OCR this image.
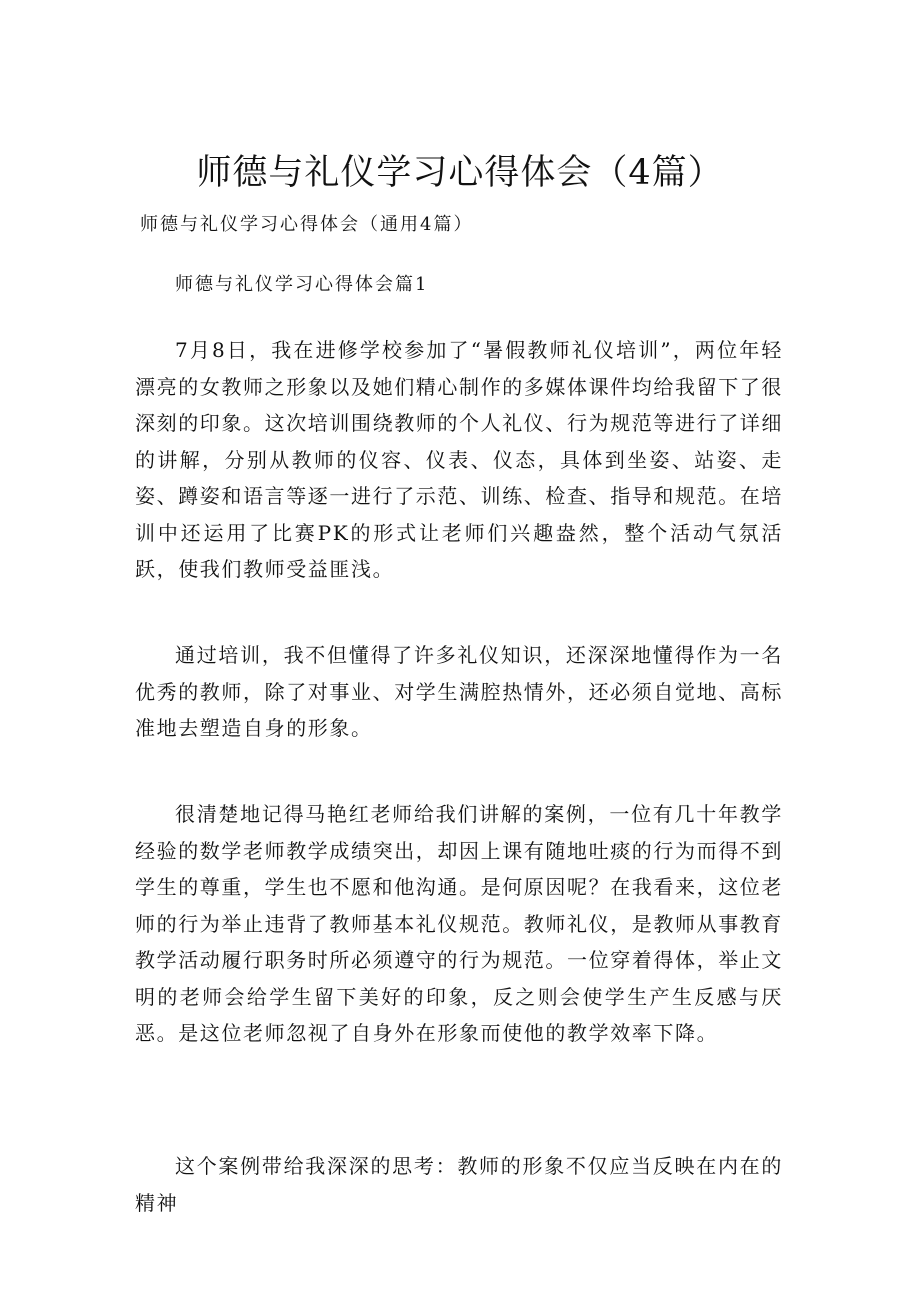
师德与礼仪学习心得体会（4篇）
师德与礼仪学习心得体会（通用4篇）
师德与礼仪学习心得体会篇1

7月8日，我在进修学校参加了“暑假教师礼仪培训”，两位年轻漂亮的女教师之形象以及她们精心制作的多媒体课件均给我留下了很深刻的印象。这次培训围绕教师的个人礼仪、行为规范等进行了详细的讲解，分别从教师的仪容、仪表、仪态，具体到坐姿、站姿、走姿、蹲姿和语言等逐一进行了示范、训练、检查、指导和规范。在培训中还运用了比赛PK的形式让老师们兴趣盎然，整个活动气氛活跃，使我们教师受益匪浅。

通过培训，我不但懂得了许多礼仪知识，还深深地懂得作为一名优秀的教师，除了对事业、对学生满腔热情外，还必须自觉地、高标准地去塑造自身的形象。

很清楚地记得马艳红老师给我们讲解的案例，一位有几十年教学经验的数学老师教学成绩突出，却因上课有随地吐痰的行为而得不到学生的尊重，学生也不愿和他沟通。是何原因呢？在我看来，这位老师的行为举止违背了教师基本礼仪规范。教师礼仪，是教师从事教育教学活动履行职务时所必须遵守的行为规范。一位穿着得体，举止文明的老师会给学生留下美好的印象，反之则会使学生产生反感与厌恶。是这位老师忽视了自身外在形象而使他的教学效率下降。

这个案例带给我深深的思考：教师的形象不仅应当反映在内在的精神
